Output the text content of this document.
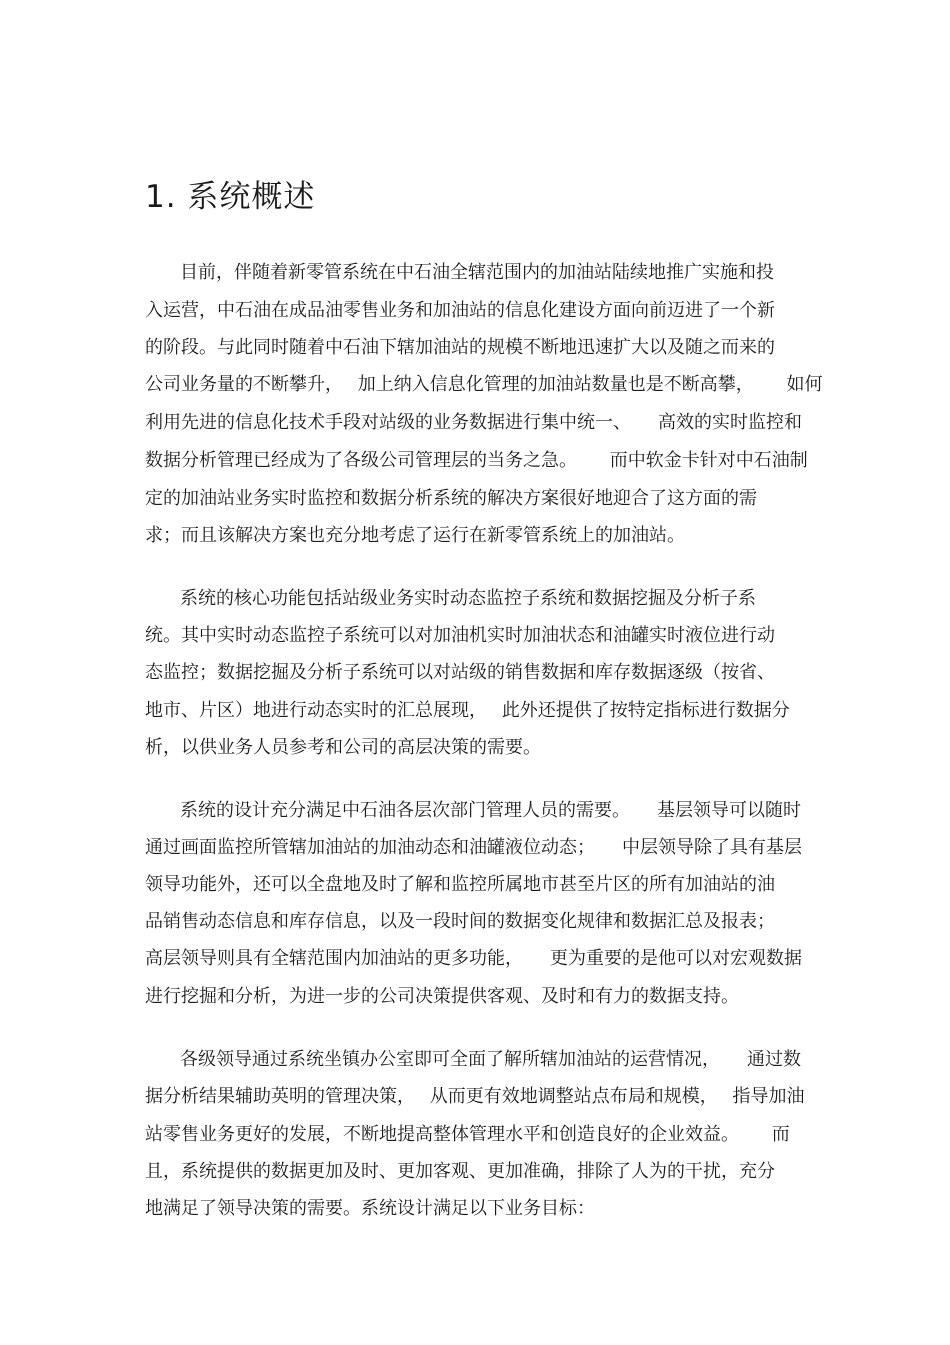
1. 系统概述
目前，伴随着新零管系统在中石油全辖范围内的加油站陆续地推广实施和投
入运营，中石油在成品油零售业务和加油站的信息化建设方面向前迈进了一个新
的阶段。与此同时随着中石油下辖加油站的规模不断地迅速扩大以及随之而来的
公司业务量的不断攀升，　 加上纳入信息化管理的加油站数量也是不断高攀，　　 如何
利用先进的信息化技术手段对站级的业务数据进行集中统一、　　高效的实时监控和
数据分析管理已经成为了各级公司管理层的当务之急。　　 而中软金卡针对中石油制
定的加油站业务实时监控和数据分析系统的解决方案很好地迎合了这方面的需
求；而且该解决方案也充分地考虑了运行在新零管系统上的加油站。
系统的核心功能包括站级业务实时动态监控子系统和数据挖掘及分析子系
统。其中实时动态监控子系统可以对加油机实时加油状态和油罐实时液位进行动
态监控；数据挖掘及分析子系统可以对站级的销售数据和库存数据逐级（按省、
地市、片区）地进行动态实时的汇总展现，　 此外还提供了按特定指标进行数据分
析，以供业务人员参考和公司的高层决策的需要。
系统的设计充分满足中石油各层次部门管理人员的需要。　　基层领导可以随时
通过画面监控所管辖加油站的加油动态和油罐液位动态；　　中层领导除了具有基层
领导功能外，还可以全盘地及时了解和监控所属地市甚至片区的所有加油站的油
品销售动态信息和库存信息，以及一段时间的数据变化规律和数据汇总及报表；
高层领导则具有全辖范围内加油站的更多功能，　　更为重要的是他可以对宏观数据
进行挖掘和分析，为进一步的公司决策提供客观、及时和有力的数据支持。
各级领导通过系统坐镇办公室即可全面了解所辖加油站的运营情况，　　通过数
据分析结果辅助英明的管理决策，　 从而更有效地调整站点布局和规模，　 指导加油
站零售业务更好的发展，不断地提高整体管理水平和创造良好的企业效益。　　 而
且，系统提供的数据更加及时、更加客观、更加准确，排除了人为的干扰，充分
地满足了领导决策的需要。系统设计满足以下业务目标：
